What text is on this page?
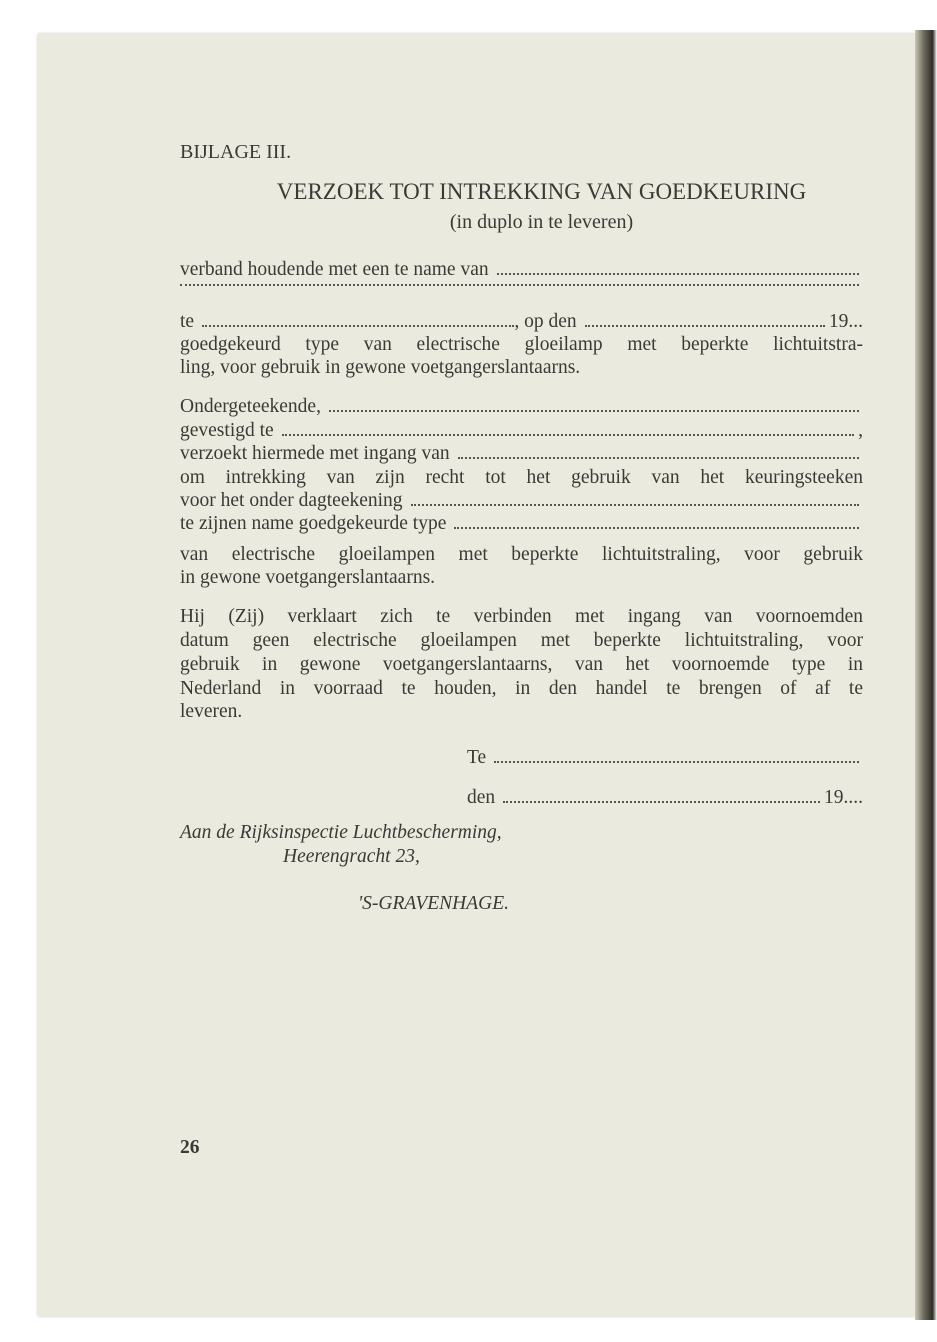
BIJLAGE III.
VERZOEK TOT INTREKKING VAN GOEDKEURING
(in duplo in te leveren)
verband houdende met een te name van
te	, op den	19...
goedgekeurd type van electrische gloeilamp met beperkte lichtuitstra-
ling, voor gebruik in gewone voetgangerslantaarns.
Ondergeteekende,
gevestigd te	,
verzoekt hiermede met ingang van
om intrekking van zijn recht tot het gebruik van het keuringsteeken
voor het onder dagteekening
te zijnen name goedgekeurde type
van electrische gloeilampen met beperkte lichtuitstraling, voor gebruik
in gewone voetgangerslantaarns.
Hij (Zij) verklaart zich te verbinden met ingang van voornoemden
datum geen electrische gloeilampen met beperkte lichtuitstraling, voor
gebruik in gewone voetgangerslantaarns, van het voornoemde type in
Nederland in voorraad te houden, in den handel te brengen of af te
leveren.
Te
den	19....
Aan de Rijksinspectie Luchtbescherming,
Heerengracht 23,
'S-GRAVENHAGE.
26
